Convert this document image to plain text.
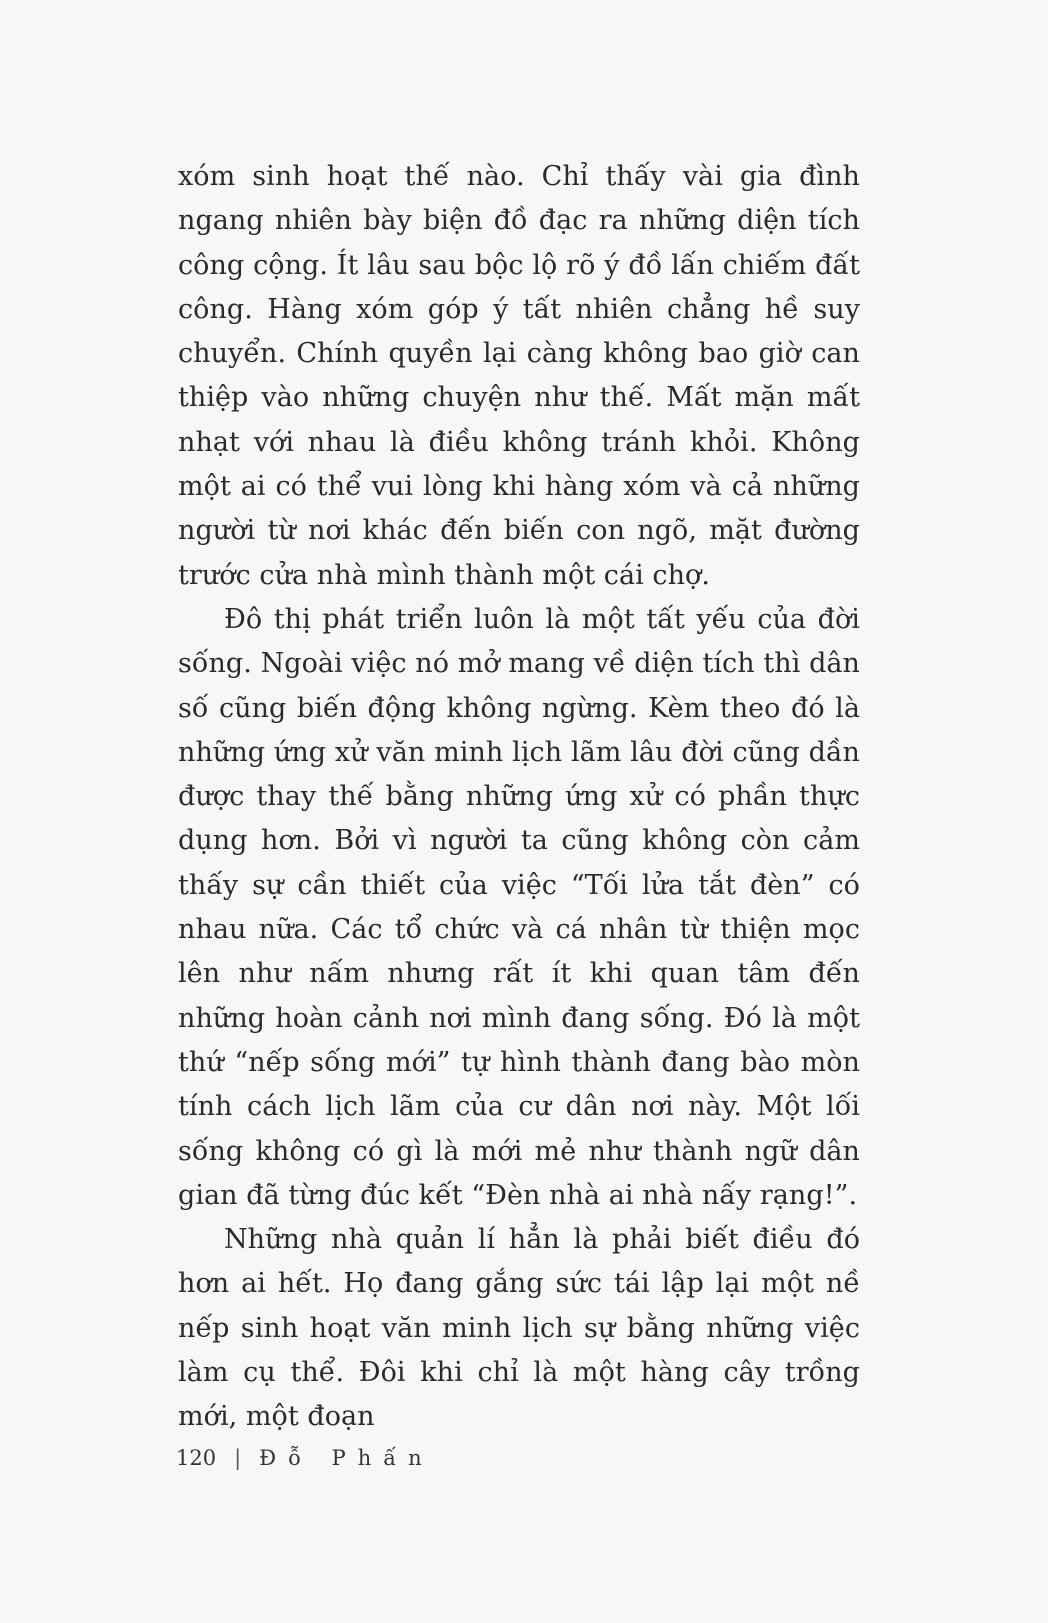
xóm sinh hoạt thế nào. Chỉ thấy vài gia đình ngang nhiên bày biện đồ đạc ra những diện tích công cộng. Ít lâu sau bộc lộ rõ ý đồ lấn chiếm đất công. Hàng xóm góp ý tất nhiên chẳng hề suy chuyển. Chính quyền lại càng không bao giờ can thiệp vào những chuyện như thế. Mất mặn mất nhạt với nhau là điều không tránh khỏi. Không một ai có thể vui lòng khi hàng xóm và cả những người từ nơi khác đến biến con ngõ, mặt đường trước cửa nhà mình thành một cái chợ.

Đô thị phát triển luôn là một tất yếu của đời sống. Ngoài việc nó mở mang về diện tích thì dân số cũng biến động không ngừng. Kèm theo đó là những ứng xử văn minh lịch lãm lâu đời cũng dần được thay thế bằng những ứng xử có phần thực dụng hơn. Bởi vì người ta cũng không còn cảm thấy sự cần thiết của việc “Tối lửa tắt đèn” có nhau nữa. Các tổ chức và cá nhân từ thiện mọc lên như nấm nhưng rất ít khi quan tâm đến những hoàn cảnh nơi mình đang sống. Đó là một thứ “nếp sống mới” tự hình thành đang bào mòn tính cách lịch lãm của cư dân nơi này. Một lối sống không có gì là mới mẻ như thành ngữ dân gian đã từng đúc kết “Đèn nhà ai nhà nấy rạng!”.

Những nhà quản lí hẳn là phải biết điều đó hơn ai hết. Họ đang gắng sức tái lập lại một nề nếp sinh hoạt văn minh lịch sự bằng những việc làm cụ thể. Đôi khi chỉ là một hàng cây trồng mới, một đoạn

120 | Đỗ Phấn
